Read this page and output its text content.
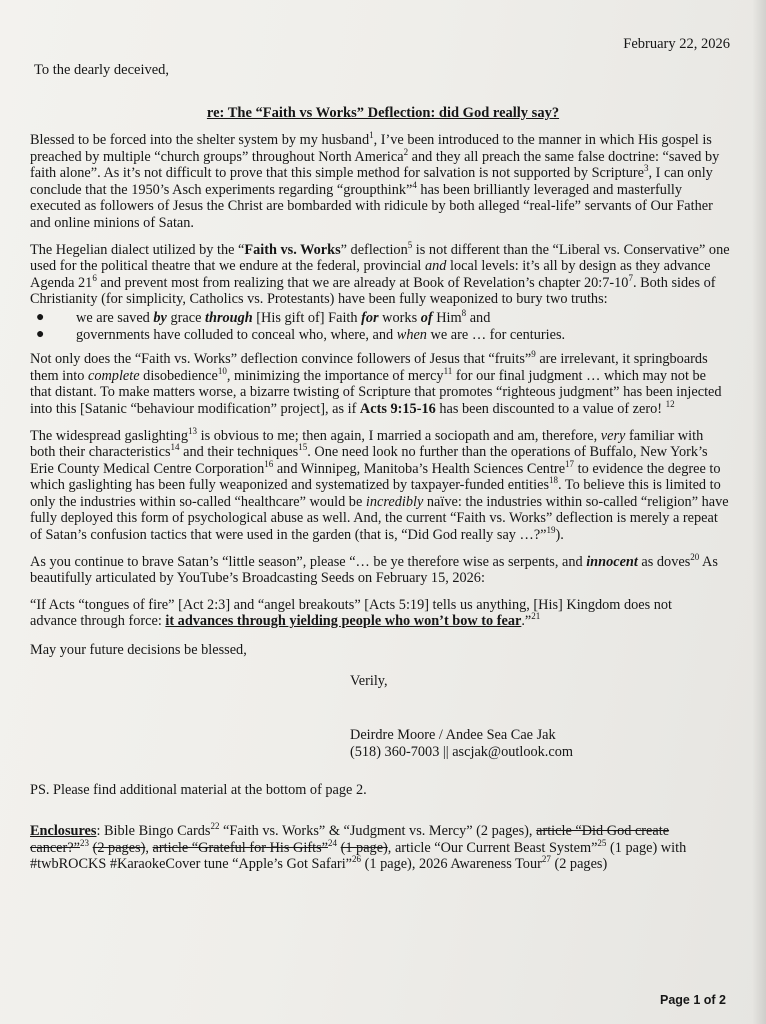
February 22, 2026
To the dearly deceived,
re: The “Faith vs Works” Deflection: did God really say?

Blessed to be forced into the shelter system by my husband$^1$, I’ve been introduced to the manner in which His gospel is preached by multiple “church groups” throughout North America$^2$ and they all preach the same false doctrine: “saved by faith alone”. As it’s not difficult to prove that this simple method for salvation is not supported by Scripture$^3$, I can only conclude that the 1950’s Asch experiments regarding “groupthink”$^4$ has been brilliantly leveraged and masterfully executed as followers of Jesus the Christ are bombarded with ridicule by both alleged “real-life” servants of Our Father and online minions of Satan.

The Hegelian dialect utilized by the “Faith vs. Works” deflection$^5$ is not different than the “Liberal vs. Conservative” one used for the political theatre that we endure at the federal, provincial and local levels: it’s all by design as they advance Agenda $21^6$ and prevent most from realizing that we are already at Book of Revelation’s chapter $20:7-10^7$. Both sides of Christianity (for simplicity, Catholics vs. Protestants) have been fully weaponized to bury two truths:

● we are saved by grace through [His gift of] Faith for works of Him$^8$ and
● governments have colluded to conceal who, where, and when we are … for centuries.

Not only does the “Faith vs. Works” deflection convince followers of Jesus that “fruits”$^9$ are irrelevant, it springboards them into complete disobedience$^{10}$, minimizing the importance of mercy$^{11}$ for our final judgment … which may not be that distant. To make matters worse, a bizarre twisting of Scripture that promotes “righteous judgment” has been injected into this [Satanic “behaviour modification” project], as if Acts 9:15-16 has been discounted to a value of zero! $^{12}$

The widespread gaslighting$^{13}$ is obvious to me; then again, I married a sociopath and am, therefore, very familiar with both their characteristics$^{14}$ and their techniques$^{15}$. One need look no further than the operations of Buffalo, New York’s Erie County Medical Centre Corporation$^{16}$ and Winnipeg, Manitoba’s Health Sciences Centre$^{17}$ to evidence the degree to which gaslighting has been fully weaponized and systematized by taxpayer-funded entities$^{18}$. To believe this is limited to only the industries within so-called “healthcare” would be incredibly naïve: the industries within so-called “religion” have fully deployed this form of psychological abuse as well. And, the current “Faith vs. Works” deflection is merely a repeat of Satan’s confusion tactics that were used in the garden (that is, “Did God really say …?”$^{19}$).

As you continue to brave Satan’s “little season”, please “… be ye therefore wise as serpents, and innocent as doves$^{20}$ As beautifully articulated by YouTube’s Broadcasting Seeds on February 15, 2026:

“If Acts “tongues of fire” [Act 2:3] and “angel breakouts” [Acts 5:19] tells us anything, [His] Kingdom does not advance through force: it advances through yielding people who won’t bow to fear.”$^{21}$

May your future decisions be blessed,
Verily,
Deirdre Moore / Andee Sea Cae Jak
(518) 360-7003 || ascjak@outlook.com
PS. Please find additional material at the bottom of page 2.
Enclosures: Bible Bingo Cards$^{22}$ “Faith vs. Works” & “Judgment vs. Mercy” (2 pages), article “Did God create cancer?”$^{23}$ (2 pages), article “Grateful for His Gifts”$^{24}$ (1 page), article “Our Current Beast System”$^{25}$ (1 page) with #twbROCKS #KaraokeCover tune “Apple’s Got Safari”$^{26}$ (1 page), 2026 Awareness Tour$^{27}$ (2 pages)
Page 1 of 2
